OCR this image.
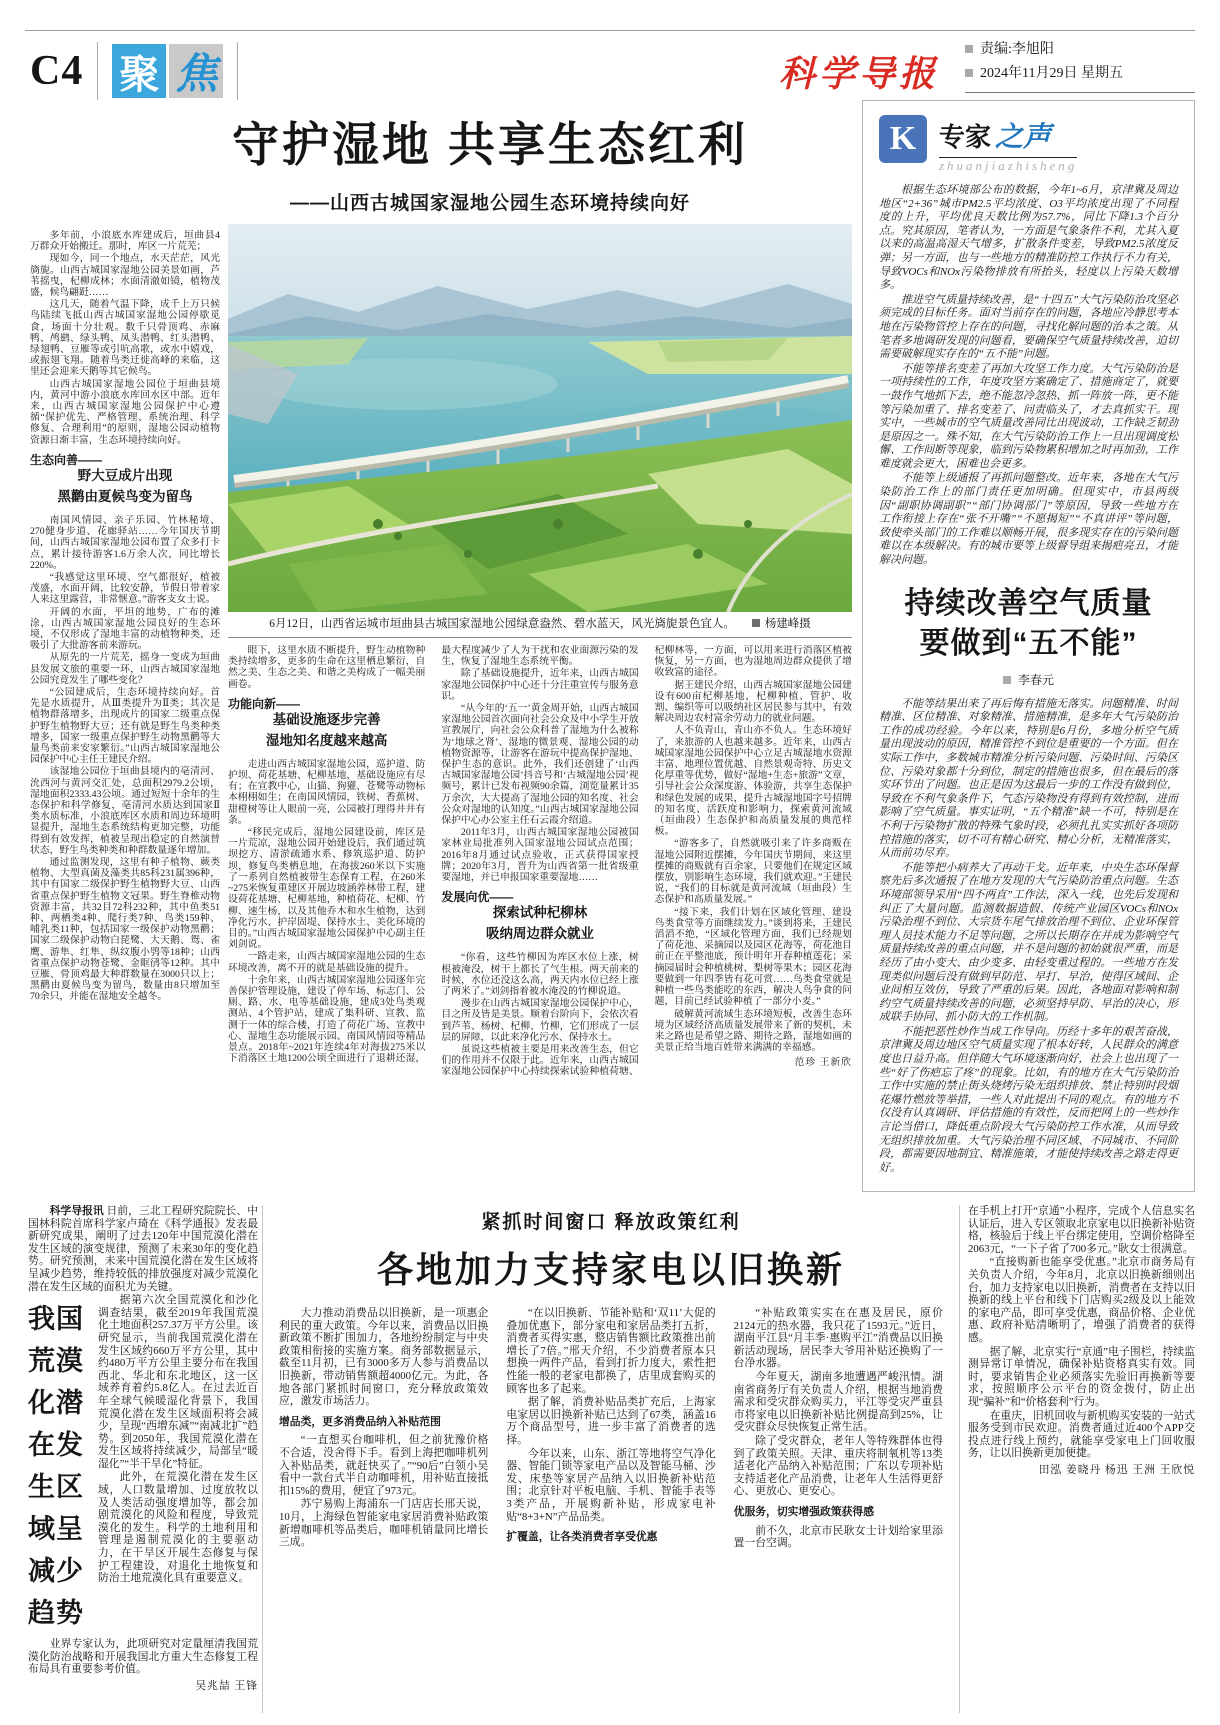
C4 聚 焦	科学导报
责编:李旭阳
2024年11月29日 星期五
守护湿地 共享生态红利
——山西古城国家湿地公园生态环境持续向好

多年前，小浪底水库建成后，垣曲县4万群众开始搬迁。那时，库区一片荒芜；

现如今，同一个地点，水天茫茫，风光旖旎。山西古城国家湿地公园美景如画，芦苇摇曳，杞柳成林；水面清澈如镜，植物茂盛，候鸟翩跹……

这几天，随着气温下降，成千上万只候鸟陆续飞抵山西古城国家湿地公园停歇觅食，场面十分壮观。数千只骨顶鸡、赤麻鸭、鸬鹚、绿头鸭、凤头潜鸭、红头潜鸭、绿翅鸭、豆雁等或引吭高歌，或水中嬉戏，或振翅飞翔。随着鸟类迁徙高峰的来临，这里还会迎来天鹅等其它候鸟。

山西古城国家湿地公园位于垣曲县境内，黄河中游小浪底水库回水区中部。近年来，山西古城国家湿地公园保护中心遵循“保护优先、严格管理、系统治理、科学修复、合理利用”的原则，湿地公园动植物资源日渐丰富，生态环境持续向好。

生态向善——
野大豆成片出现
黑鹳由夏候鸟变为留鸟

南国风情园、亲子乐园、竹林秘境、270健身步道、花廊驿站……今年国庆节期间，山西古城国家湿地公园布置了众多打卡点，累计接待游客1.6万余人次，同比增长220%。

“我感觉这里环境、空气都很好，植被茂盛，水面开阔，比较安静，节假日带着家人来这里露营，非常惬意。”游客支女士说。

开阔的水面，平坦的地势，广布的滩涂，山西古城国家湿地公园良好的生态环境，不仅形成了湿地丰富的动植物种类，还吸引了大批游客前来游玩。

从原先的一片荒芜，摇身一变成为垣曲县发展文旅的重要一环，山西古城国家湿地公园究竟发生了哪些变化？

“公园建成后，生态环境持续向好。首先是水质提升，从Ⅲ类提升为Ⅱ类；其次是植物群落增多，出现成片的国家二级重点保护野生植物野大豆；还有就是野生鸟类种类增多，国家一级重点保护野生动物黑鹳等大量鸟类前来安家繁衍。”山西古城国家湿地公园保护中心主任王建民介绍。

该湿地公园位于垣曲县境内的亳清河、沇西河与黄河交汇处，总面积2979.2公顷，湿地面积2333.43公顷。通过短短十余年的生态保护和科学修复，亳清河水质达到国家Ⅱ类水质标准，小浪底库区水质和周边环境明显提升，湿地生态系统结构更加完整，功能得到有效发挥，植被呈现出稳定的自然演替状态，野生鸟类种类和种群数量逐年增加。

通过监测发现，这里有种子植物、蕨类植物、大型真菌及藻类共85科231属396种，其中有国家二级保护野生植物野大豆、山西省重点保护野生植物文冠果。野生脊椎动物资源丰富，共32目72科232种，其中鱼类51种、两栖类4种、爬行类7种、鸟类159种、哺乳类11种，包括国家一级保护动物黑鹳；国家二级保护动物白琵鹭、大天鹅、鸳、雀鹰、游隼、红隼、纵纹腹小鸮等18种；山西省重点保护动物苍鹭、金眶鸻等12种。其中豆雁、骨顶鸡最大种群数量在3000只以上；黑鹳由夏候鸟变为留鸟，数量由8只增加至70余只，并能在湿地安全越冬。

6月12日，山西省运城市垣曲县古城国家湿地公园绿意盎然、碧水蓝天，风光旖旎景色宜人。	杨建峰摄

眼下，这里水质不断提升，野生动植物种类持续增多，更多的生命在这里栖息繁衍，自然之美、生态之美、和谐之美构成了一幅美丽画卷。

功能向新——
基础设施逐步完善
湿地知名度越来越高

走进山西古城国家湿地公园，巡护道、防护坝、荷花基塘、杞柳基地，基础设施应有尽有；在宣教中心，山猫、狗獾、苍鹭等动物标本栩栩如生；在南国风情园，铁树、香蕉树、甜橙树等让人眼前一亮，公园被打理得井井有条。

“移民完成后，湿地公园建设前，库区是一片荒凉，湿地公园开始建设后，我们通过筑坝挖方、清淤疏通水系、修筑巡护道、防护坝，修复鸟类栖息地，在海拔260米以下实施了一系列自然植被带生态保育工程，在260米~275米恢复重建区开展边坡涵养林带工程，建设荷花基塘、杞柳基地，种植荷花、杞柳、竹柳、速生杨，以及其他乔木和水生植物，达到净化污水、护岸固堤、保持水土、美化环境的目的。”山西古城国家湿地公园保护中心副主任刘剑说。

一路走来，山西古城国家湿地公园的生态环境改善，离不开的就是基础设施的提升。

十余年来，山西古城国家湿地公园逐年完善保护管理设施，建设了停车场、标志门、公厕、路、水、电等基础设施，建成3处鸟类观测站、4个管护站，建成了集科研、宣教、监测于一体的综合楼，打造了荷花广场、宣教中心、湿地生态功能展示园、南国风情园等精品景点。2018年~2021年连续4年对海拔275米以下消落区土地1200公顷全面进行了退耕还湿，最大程度减少了人为干扰和农业面源污染的发生，恢复了湿地生态系统平衡。

除了基础设施提升，近年来，山西古城国家湿地公园保护中心还十分注重宣传与服务意识。

“从今年的‘五一’黄金周开始，山西古城国家湿地公园首次面向社会公众及中小学生开放宣教展厅，向社会公众科普了湿地为什么被称为‘地球之肾’、湿地的微景观、湿地公园的动植物资源等，让游客在游玩中提高保护湿地、保护生态的意识。此外，我们还创建了‘山西古城国家湿地公园’抖音号和‘古城湿地公园’视频号，累计已发布视频90余篇，浏览量累计35万余次，大大提高了湿地公园的知名度、社会公众对湿地的认知度。”山西古城国家湿地公园保护中心办公室主任石云霞介绍道。

2011年3月，山西古城国家湿地公园被国家林业局批准列入国家湿地公园试点范围；2016年8月通过试点验收，正式获得国家授牌；2020年3月，晋升为山西省第一批省级重要湿地，并已申报国家重要湿地……

发展向优——
探索试种杞柳林
吸纳周边群众就业

“你看，这些竹柳因为库区水位上涨，树根被淹没，树干上都长了气生根。两天前来的时候，水位还没这么高，两天内水位已经上涨了两米了。”刘剑指着被水淹没的竹柳说道。

漫步在山西古城国家湿地公园保护中心，目之所及皆是美景。顺着台阶向下，会依次看到芦苇、杨树、杞柳、竹柳，它们形成了一层层的屏障，以此来净化污水、保持水土。

虽说这些植被主要是用来改善生态，但它们的作用并不仅限于此。近年来，山西古城国家湿地公园保护中心持续探索试验种植荷塘、杞柳林等，一方面，可以用来进行消落区植被恢复，另一方面，也为湿地周边群众提供了增收致富的途径。

据王建民介绍，山西古城国家湿地公园建设有600亩杞柳基地，杞柳种植、管护、收割、编织等可以吸纳社区居民参与其中，有效解决周边农村富余劳动力的就业问题。

人不负青山，青山亦不负人。生态环境好了，来旅游的人也越来越多。近年来，山西古城国家湿地公园保护中心立足古城湿地水资源丰富、地理位置优越、自然景观奇特、历史文化厚重等优势，做好“湿地+生态+旅游”文章，引导社会公众深度游、体验游，共享生态保护和绿色发展的成果，提升古城湿地国字号招牌的知名度、活跃度和影响力，探索黄河流域（垣曲段）生态保护和高质量发展的典范样板。

“游客多了，自然就吸引来了许多商贩在湿地公园附近摆摊，今年国庆节期间，来这里摆摊的商贩就有百余家，只要他们在规定区域摆放，别影响生态环境，我们就欢迎。”王建民说，“我们的目标就是黄河流域（垣曲段）生态保护和高质量发展。”

“接下来，我们计划在区域化管理、建设鸟类食堂等方面继续发力。”谈到将来，王建民滔滔不绝，“区域化管理方面，我们已经规划了荷花池、采摘园以及园区花海等，荷花池目前正在平整池底，预计明年开春种植莲花；采摘园届时会种植桃树、梨树等果木；园区花海要做到一年四季皆有花可赏……鸟类食堂就是种植一些鸟类能吃的东西，解决人鸟争食的问题，目前已经试验种植了一部分小麦。”

破解黄河流域生态环境短板，改善生态环境为区域经济高质量发展带来了新的契机，未来之路也是希望之路、期待之路，湿地如画的美景正给当地百姓带来满满的幸福感。

范珍 王新欣
K 专家 之声
zhuanjiazhisheng

根据生态环境部公布的数据，今年1~6月，京津冀及周边地区“2+36”城市PM2.5平均浓度、O3平均浓度出现了不同程度的上升，平均优良天数比例为57.7%，同比下降1.3个百分点。究其原因，笔者认为，一方面是气象条件不利，尤其入夏以来的高温高湿天气增多，扩散条件变差，导致PM2.5浓度反弹；另一方面，也与一些地方的精准防控工作执行不力有关，导致VOCs和NOx污染物排放有所抬头，轻度以上污染天数增多。

推进空气质量持续改善，是“十四五”大气污染防治攻坚必须完成的目标任务。面对当前存在的问题，各地应冷静思考本地在污染物管控上存在的问题，寻找化解问题的治本之策。从笔者多地调研发现的问题看，要确保空气质量持续改善，迫切需要破解现实存在的“五不能”问题。

不能等排名变差了再加大攻坚工作力度。大气污染防治是一项持续性的工作，年度攻坚方案确定了、措施商定了，就要一鼓作气地抓下去，绝不能忽冷忽热、抓一阵放一阵，更不能等污染加重了、排名变差了、问责临头了，才去真抓实干。现实中，一些城市的空气质量改善同比出现波动，工作缺乏韧劲是原因之一。殊不知，在大气污染防治工作上一旦出现调度松懈、工作间断等现象，临到污染物累积增加之时再加劲，工作难度就会更大，困难也会更多。

不能等上级通报了再抓问题整改。近年来，各地在大气污染防治工作上的部门责任更加明确。但现实中，市县两级因“副职协调副职”“部门协调部门”等原因，导致一些地方在工作衔接上存在“张不开嘴”“不愿揭短”“不真讲评”等问题，致使牵头部门的工作难以顺畅开展，很多现实存在的污染问题难以在本级解决。有的城市要等上级督导组来揭疤亮丑，才能解决问题。

持续改善空气质量
要做到“五不能”
李春元

不能等结果出来了再后悔有措施无落实。问题精准、时间精准、区位精准、对象精准、措施精准，是多年大气污染防治工作的成功经验。今年以来，特别是6月份，多地分析空气质量出现波动的原因，精准管控不到位是重要的一个方面。但在实际工作中，多数城市精准分析污染问题、污染时间、污染区位、污染对象都十分到位，制定的措施也很多，但在最后的落实环节出了问题。也正是因为这最后一步的工作没有做到位，导致在不利气象条件下，气态污染物没有得到有效控制，进而影响了空气质量。事实证明，“五个精准”缺一不可，特别是在不利于污染物扩散的特殊气象时段，必须扎扎实实抓好各项防控措施的落实，切不可有精心研究、精心分析，无精准落实，从而前功尽弃。

不能等把小病养大了再动干戈。近年来，中央生态环保督察先后多次通报了在地方发现的大气污染防治重点问题。生态环境部领导采用“四不两直”工作法，深入一线，也先后发现和纠正了大量问题。监测数据造假、传统产业园区VOCs和NOx污染治理不到位、大宗货车尾气排放治理不到位、企业环保管理人员技术能力不足等问题，之所以长期存在并成为影响空气质量持续改善的重点问题，并不是问题的初始就很严重，而是经历了由小变大、由少变多、由轻变重过程的。一些地方在发现类似问题后没有做到早防范、早打、早治，使得区域间、企业间相互效仿，导致了严重的后果。因此，各地面对影响和制约空气质量持续改善的问题，必须坚持早防、早治的决心，形成联手协同、抓小防大的工作机制。

不能把恶性炒作当成工作导向。历经十多年的艰苦奋战，京津冀及周边地区空气质量实现了根本好转，人民群众的满意度也日益升高。但伴随大气环境逐渐向好，社会上也出现了一些“好了伤疤忘了疼”的现象。比如，有的地方在大气污染防治工作中实施的禁止街头烧烤污染无组织排放、禁止特别时段烟花爆竹燃放等举措，一些人对此提出不同的观点。有的地方不仅没有认真调研、评估措施的有效性，反而把网上的一些炒作言论当借口，降低重点阶段大气污染防控工作水准，从而导致无组织排放加重。大气污染治理不同区域、不同城市、不同阶段，都需要因地制宜、精准施策，才能使持续改善之路走得更好。

科学导报讯 日前，三北工程研究院院长、中国林科院首席科学家卢琦在《科学通报》发表最新研究成果，阐明了过去120年中国荒漠化潜在发生区域的演变规律，预测了未来30年的变化趋势。研究预测，未来中国荒漠化潜在发生区域将呈减少趋势，维持较低的排放强度对减少荒漠化潜在发生区域的面积尤为关键。

我国荒漠化潜在发生区域呈减少趋势

据第六次全国荒漠化和沙化调查结果，截至2019年我国荒漠化土地面积257.37万平方公里。该研究显示，当前我国荒漠化潜在发生区域约660万平方公里，其中约480万平方公里主要分布在我国西北、华北和东北地区，这一区域养育着约5.8亿人。在过去近百年全球气候暖湿化背景下，我国荒漠化潜在发生区域面积将会减少，呈现“西增东减”“南减北扩”趋势。到2050年，我国荒漠化潜在发生区域将持续减少，局部呈“暖湿化”“半干旱化”特征。

此外，在荒漠化潜在发生区域，人口数量增加、过度放牧以及人类活动强度增加等，都会加剧荒漠化的风险和程度，导致荒漠化的发生。科学的土地利用和管理是遏制荒漠化的主要驱动力，在干旱区开展生态修复与保护工程建设，对退化土地恢复和防治土地荒漠化具有重要意义。

业界专家认为，此项研究对定量厘清我国荒漠化防治战略和开展我国北方重大生态修复工程布局具有重要参考价值。

吴兆喆 王锋
紧抓时间窗口 释放政策红利
各地加力支持家电以旧换新

大力推动消费品以旧换新，是一项惠企利民的重大政策。今年以来，消费品以旧换新政策不断扩围加力，各地纷纷制定与中央政策相衔接的实施方案。商务部数据显示，截至11月初，已有3000多万人参与消费品以旧换新，带动销售额超4000亿元。为此，各地各部门紧抓时间窗口，充分释放政策效应，激发市场活力。

增品类，更多消费品纳入补贴范围

“一直想买台咖啡机，但之前犹豫价格不合适，没舍得下手。看到上海把咖啡机列入补贴品类，就赶快买了。”“90后”白领小吴看中一款台式半自动咖啡机，用补贴直接抵扣15%的费用，便宜了973元。

苏宁易购上海浦东一门店店长邢天说，10月，上海绿色智能家电家居消费补贴政策新增咖啡机等品类后，咖啡机销量同比增长三成。

“在以旧换新、节能补贴和‘双11’大促的叠加优惠下，部分家电和家居品类打五折，消费者买得实惠，整店销售额比政策推出前增长了7倍。”邢天介绍，不少消费者原本只想换一两件产品，看到打折力度大，索性把性能一般的老家电都换了，店里成套购买的顾客也多了起来。

据了解，消费补贴品类扩充后，上海家电家居以旧换新补贴已达到了67类，涵盖16万个商品型号，进一步丰富了消费者的选择。

今年以来，山东、浙江等地将空气净化器、智能门锁等家电产品以及智能马桶、沙发、床垫等家居产品纳入以旧换新补贴范围；北京针对平板电脑、手机、智能手表等3类产品，开展购新补贴，形成家电补贴“8+3+N”产品品类。

扩覆盖，让各类消费者享受优惠

“补贴政策实实在在惠及居民，原价2124元的热水器，我只花了1593元。”近日，湖南平江县“月丰季·惠购平江”消费品以旧换新活动现场，居民李大爷用补贴还换购了一台净水器。

今年夏天，湖南多地遭遇严峻汛情。湖南省商务厅有关负责人介绍，根据当地消费需求和受灾群众购买力，平江等受灾严重县市将家电以旧换新补贴比例提高到25%，让受灾群众尽快恢复正常生活。

除了受灾群众，老年人等特殊群体也得到了政策关照。天津、重庆将制氧机等13类适老化产品纳入补贴范围；广东以专项补贴支持适老化产品消费，让老年人生活得更舒心、更放心、更安心。

优服务，切实增强政策获得感

前不久，北京市民耿女士计划给家里添置一台空调。

在手机上打开“京通”小程序，完成个人信息实名认证后，进入专区领取北京家电以旧换新补贴资格，核验后于线上平台绑定使用，空调价格降至2063元，“一下子省了700多元。”耿女士很满意。

“直接购新也能享受优惠。”北京市商务局有关负责人介绍，今年8月，北京以旧换新细则出台，加力支持家电以旧换新，消费者在支持以旧换新的线上平台和线下门店购买2级及以上能效的家电产品，即可享受优惠，商品价格、企业优惠、政府补贴清晰明了，增强了消费者的获得感。

据了解，北京实行“京通”电子围栏，持续监测异常订单情况，确保补贴资格真实有效。同时，要求销售企业必须落实先验旧再换新等要求，按照顺序公示平台的资金拨付，防止出现“骗补”和“价格套利”行为。

在重庆，旧机回收与新机购买安装的一站式服务受到市民欢迎。消费者通过近400个APP交投点进行线上预约，就能享受家电上门回收服务，让以旧换新更加便捷。

田泓 姜晓丹 杨迅 王洲 王欣悦
